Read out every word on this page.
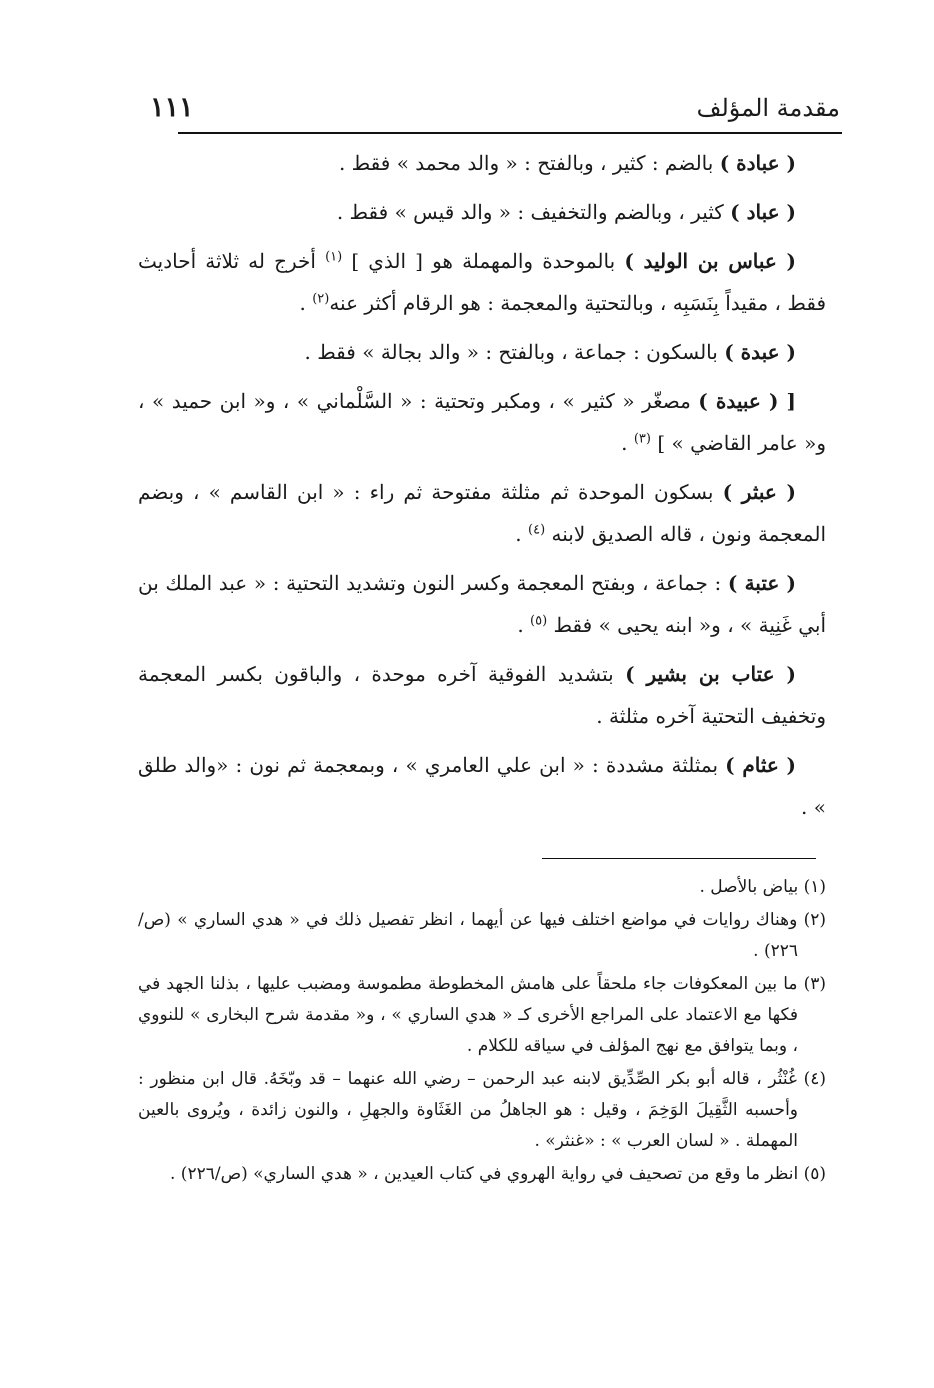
١١١	مقدمة المؤلف

( عبادة ) بالضم : كثير ، وبالفتح : « والد محمد » فقط .

( عباد ) كثير ، وبالضم والتخفيف : « والد قيس » فقط .

( عباس بن الوليد ) بالموحدة والمهملة هو [ الذي ] $^{(١)}$ أخرج له ثلاثة أحاديث فقط ، مقيداً بِنَسَبِه ، وبالتحتية والمعجمة : هو الرقام أكثر عنه$^{(٢)}$ .

( عبدة ) بالسكون : جماعة ، وبالفتح : « والد بجالة » فقط .

[ ( عبيدة ) مصغّر « كثير » ، ومكبر وتحتية : « السَّلْماني » ، و« ابن حميد » ، و« عامر القاضي » ] $^{(٣)}$ .

( عبثر ) بسكون الموحدة ثم مثلثة مفتوحة ثم راء : « ابن القاسم » ، وبضم المعجمة ونون ، قاله الصديق لابنه $^{(٤)}$ .

( عتبة ) : جماعة ، وبفتح المعجمة وكسر النون وتشديد التحتية : « عبد الملك بن أبي غَنِية » ، و« ابنه يحيى » فقط $^{(٥)}$ .

( عتاب بن بشير ) بتشديد الفوقية آخره موحدة ، والباقون بكسر المعجمة وتخفيف التحتية آخره مثلثة .

( عثام ) بمثلثة مشددة : « ابن علي العامري » ، وبمعجمة ثم نون : «والد طلق » .

(١) بياض بالأصل .

(٢) وهناك روايات في مواضع اختلف فيها عن أيهما ، انظر تفصيل ذلك في « هدي الساري » (ص/٢٢٦) .

(٣) ما بين المعكوفات جاء ملحقاً على هامش المخطوطة مطموسة ومضبب عليها ، بذلنا الجهد في فكها مع الاعتماد على المراجع الأخرى كـ « هدي الساري » ، و« مقدمة شرح البخارى » للنووي ، وبما يتوافق مع نهج المؤلف في سياقه للكلام .

(٤) غُنْثُر ، قاله أبو بكر الصِّدِّيق لابنه عبد الرحمن – رضي الله عنهما – قد وبّخَهُ. قال ابن منظور : وأحسبه الثَّقِيلَ الوَخِمَ ، وقيل : هو الجاهلُ من الغَثَاوة والجهلِ ، والنون زائدة ، ويُروى بالعين المهملة . « لسان العرب » : «غنثر» .

(٥) انظر ما وقع من تصحيف في رواية الهروي في كتاب العيدين ، « هدي الساري» (ص/٢٢٦) .
